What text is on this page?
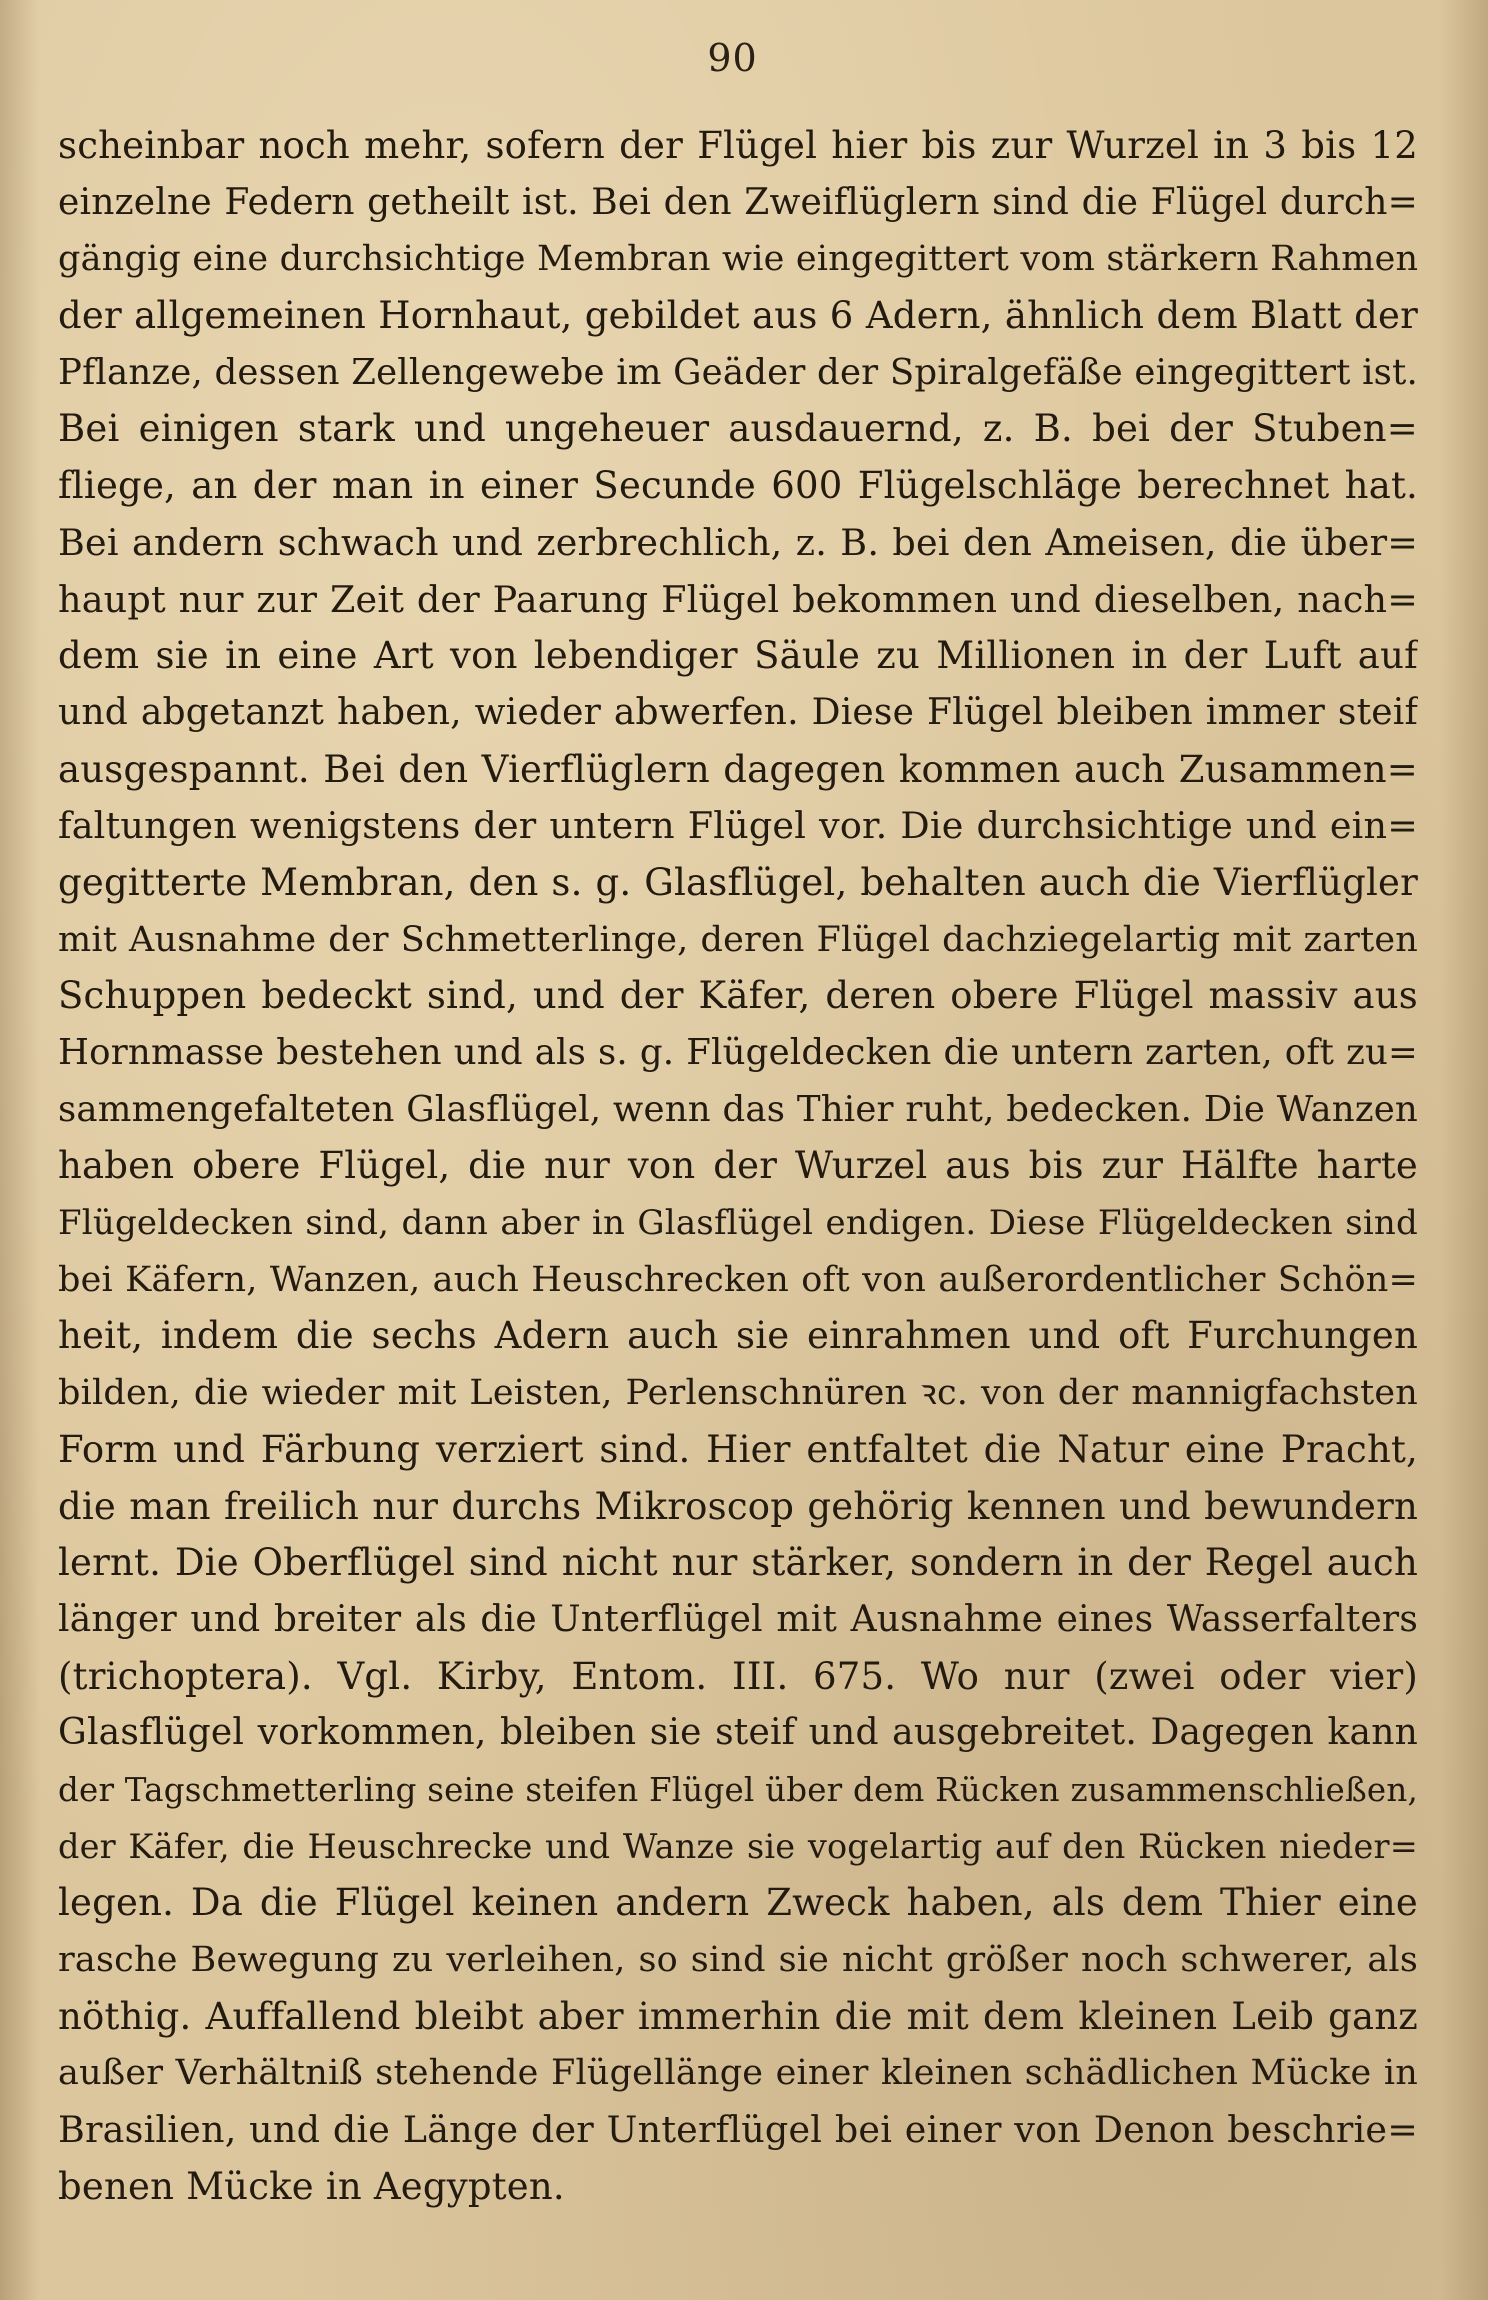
90
scheinbar noch mehr, sofern der Flügel hier bis zur Wurzel in 3 bis 12
einzelne Federn getheilt ist. Bei den Zweiflüglern sind die Flügel durch=
gängig eine durchsichtige Membran wie eingegittert vom stärkern Rahmen
der allgemeinen Hornhaut, gebildet aus 6 Adern, ähnlich dem Blatt der
Pflanze, dessen Zellengewebe im Geäder der Spiralgefäße eingegittert ist.
Bei einigen stark und ungeheuer ausdauernd, z. B. bei der Stuben=
fliege, an der man in einer Secunde 600 Flügelschläge berechnet hat.
Bei andern schwach und zerbrechlich, z. B. bei den Ameisen, die über=
haupt nur zur Zeit der Paarung Flügel bekommen und dieselben, nach=
dem sie in eine Art von lebendiger Säule zu Millionen in der Luft auf
und abgetanzt haben, wieder abwerfen. Diese Flügel bleiben immer steif
ausgespannt. Bei den Vierflüglern dagegen kommen auch Zusammen=
faltungen wenigstens der untern Flügel vor. Die durchsichtige und ein=
gegitterte Membran, den s. g. Glasflügel, behalten auch die Vierflügler
mit Ausnahme der Schmetterlinge, deren Flügel dachziegelartig mit zarten
Schuppen bedeckt sind, und der Käfer, deren obere Flügel massiv aus
Hornmasse bestehen und als s. g. Flügeldecken die untern zarten, oft zu=
sammengefalteten Glasflügel, wenn das Thier ruht, bedecken. Die Wanzen
haben obere Flügel, die nur von der Wurzel aus bis zur Hälfte harte
Flügeldecken sind, dann aber in Glasflügel endigen. Diese Flügeldecken sind
bei Käfern, Wanzen, auch Heuschrecken oft von außerordentlicher Schön=
heit, indem die sechs Adern auch sie einrahmen und oft Furchungen
bilden, die wieder mit Leisten, Perlenschnüren ꝛc. von der mannigfachsten
Form und Färbung verziert sind. Hier entfaltet die Natur eine Pracht,
die man freilich nur durchs Mikroscop gehörig kennen und bewundern
lernt. Die Oberflügel sind nicht nur stärker, sondern in der Regel auch
länger und breiter als die Unterflügel mit Ausnahme eines Wasserfalters
(trichoptera). Vgl. Kirby, Entom. III. 675. Wo nur (zwei oder vier)
Glasflügel vorkommen, bleiben sie steif und ausgebreitet. Dagegen kann
der Tagschmetterling seine steifen Flügel über dem Rücken zusammenschließen,
der Käfer, die Heuschrecke und Wanze sie vogelartig auf den Rücken nieder=
legen. Da die Flügel keinen andern Zweck haben, als dem Thier eine
rasche Bewegung zu verleihen, so sind sie nicht größer noch schwerer, als
nöthig. Auffallend bleibt aber immerhin die mit dem kleinen Leib ganz
außer Verhältniß stehende Flügellänge einer kleinen schädlichen Mücke in
Brasilien, und die Länge der Unterflügel bei einer von Denon beschrie=
benen Mücke in Aegypten.
